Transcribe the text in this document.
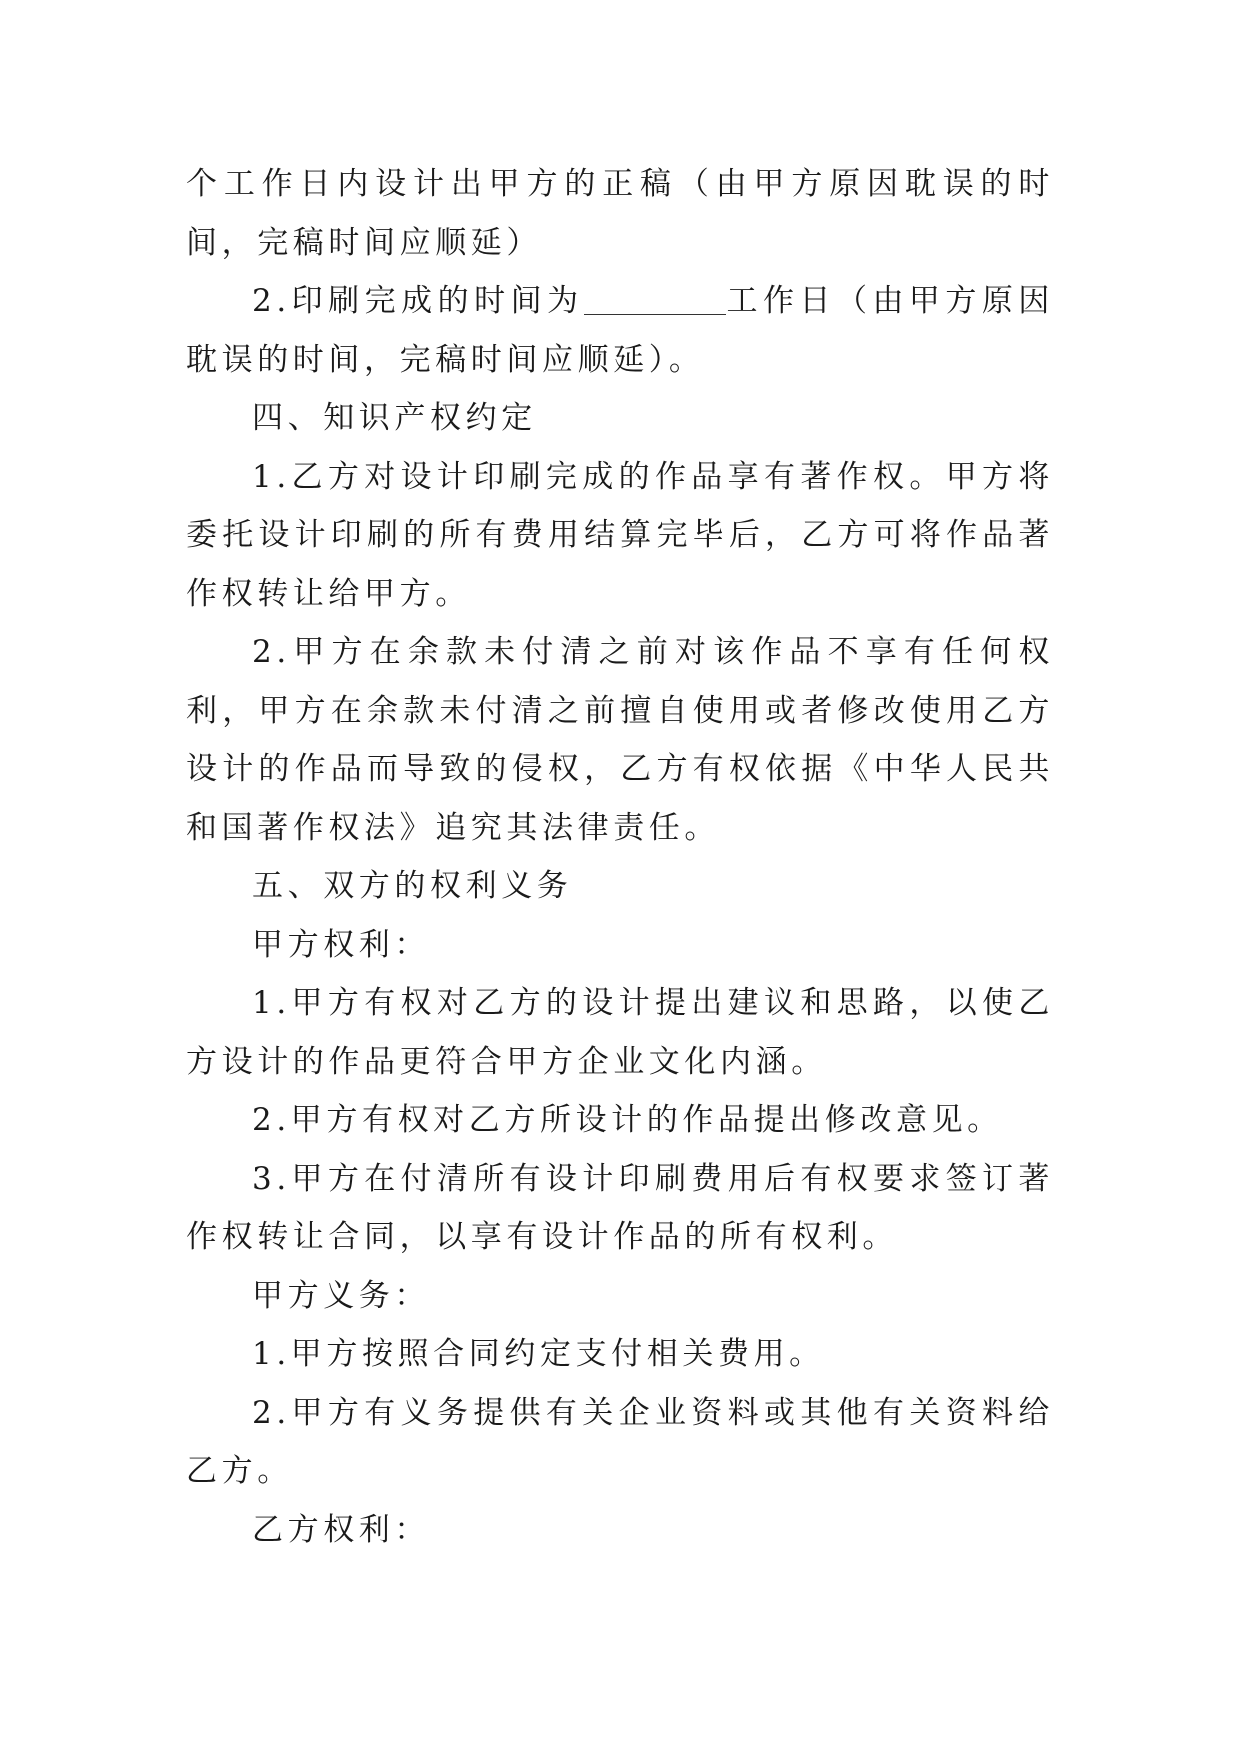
个工作日内设计出甲方的正稿（由甲方原因耽误的时间，完稿时间应顺延）

2.印刷完成的时间为	工作日（由甲方原因耽误的时间，完稿时间应顺延）。

四、知识产权约定

1.乙方对设计印刷完成的作品享有著作权。甲方将委托设计印刷的所有费用结算完毕后，乙方可将作品著作权转让给甲方。

2.甲方在余款未付清之前对该作品不享有任何权利，甲方在余款未付清之前擅自使用或者修改使用乙方设计的作品而导致的侵权，乙方有权依据《中华人民共和国著作权法》追究其法律责任。

五、双方的权利义务

甲方权利：

1.甲方有权对乙方的设计提出建议和思路，以使乙方设计的作品更符合甲方企业文化内涵。

2.甲方有权对乙方所设计的作品提出修改意见。

3.甲方在付清所有设计印刷费用后有权要求签订著作权转让合同，以享有设计作品的所有权利。

甲方义务：

1.甲方按照合同约定支付相关费用。

2.甲方有义务提供有关企业资料或其他有关资料给乙方。

乙方权利：
